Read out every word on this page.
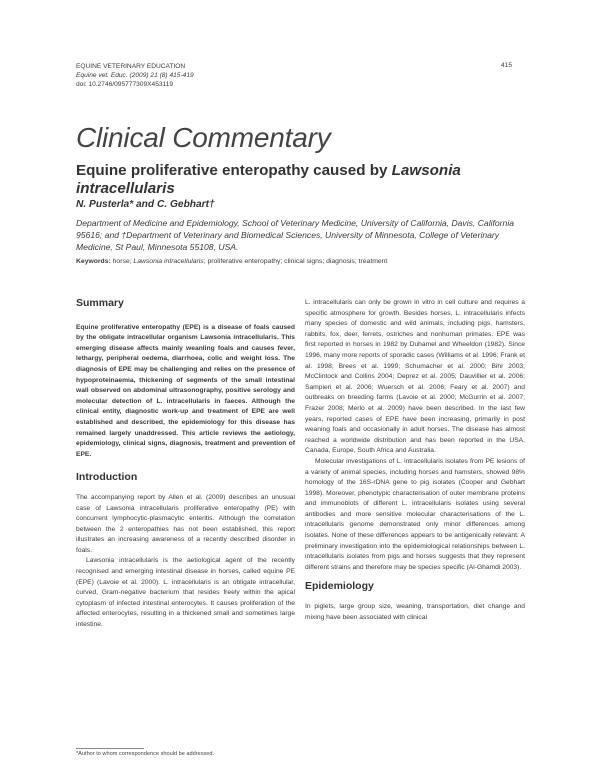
EQUINE VETERINARY EDUCATION
Equine vet. Educ. (2009) 21 (8) 415-419
doi: 10.2746/095777309X453119
415
Clinical Commentary
Equine proliferative enteropathy caused by Lawsonia intracellularis
N. Pusterla* and C. Gebhart†
Department of Medicine and Epidemiology, School of Veterinary Medicine, University of California, Davis, California 95616; and †Department of Veterinary and Biomedical Sciences, University of Minnesota, College of Veterinary Medicine, St Paul, Minnesota 55108, USA.
Keywords: horse; Lawsonia intracellularis; proliferative enteropathy; clinical signs; diagnosis; treatment
Summary

Equine proliferative enteropathy (EPE) is a disease of foals caused by the obligate intracellular organism Lawsonia intracellularis. This emerging disease affects mainly weanling foals and causes fever, lethargy, peripheral oedema, diarrhoea, colic and weight loss. The diagnosis of EPE may be challenging and relies on the presence of hypoproteinaemia, thickening of segments of the small intestinal wall observed on abdominal ultrasonography, positive serology and molecular detection of L. intracellularis in faeces. Although the clinical entity, diagnostic work-up and treatment of EPE are well established and described, the epidemiology for this disease has remained largely unaddressed. This article reviews the aetiology, epidemiology, clinical signs, diagnosis, treatment and prevention of EPE.

Introduction

The accompanying report by Allen et al. (2009) describes an unusual case of Lawsonia intracellularis proliferative enteropathy (PE) with concurrent lymphocytic-plasmacytic enteritis. Although the correlation between the 2 enteropathies has not been established, this report illustrates an increasing awareness of a recently described disorder in foals.

Lawsonia intracellularis is the aetiological agent of the recently recognised and emerging intestinal disease in horses, called equine PE (EPE) (Lavoie et al. 2000). L. intracellularis is an obligate intracellular, curved, Gram-negative bacterium that resides freely within the apical cytoplasm of infected intestinal enterocytes. It causes proliferation of the affected enterocytes, resulting in a thickened small and sometimes large intestine.

L. intracellularis can only be grown in vitro in cell culture and requires a specific atmosphere for growth. Besides horses, L. intracellularis infects many species of domestic and wild animals, including pigs, hamsters, rabbits, fox, deer, ferrets, ostriches and nonhuman primates. EPE was first reported in horses in 1982 by Duhamel and Wheeldon (1982). Since 1996, many more reports of sporadic cases (Williams et al. 1996; Frank et al. 1998; Brees et al. 1999; Schumacher et al. 2000; Bihr 2003; McClintock and Collins 2004; Deprez et al. 2005; Dauvillier et al. 2006; Sampieri et al. 2006; Wuersch et al. 2006; Feary et al. 2007) and outbreaks on breeding farms (Lavoie et al. 2000; McGurrin et al. 2007; Frazer 2008; Merlo et al. 2009) have been described. In the last few years, reported cases of EPE have been increasing, primarily in post weaning foals and occasionally in adult horses. The disease has almost reached a worldwide distribution and has been reported in the USA, Canada, Europe, South Africa and Australia.

Molecular investigations of L. intracellularis isolates from PE lesions of a variety of animal species, including horses and hamsters, showed 98% homology of the 16S-rDNA gene to pig isolates (Cooper and Gebhart 1998). Moreover, phenotypic characterisation of outer membrane proteins and immunoblots of different L. intracellularis isolates using several antibodies and more sensitive molecular characterisations of the L. intracellularis genome demonstrated only minor differences among isolates. None of these differences appears to be antigenically relevant. A preliminary investigation into the epidemiological relationships between L. intracellularis isolates from pigs and horses suggests that they represent different strains and therefore may be species specific (Al-Ghamdi 2003).

Epidemiology

In piglets, large group size, weaning, transportation, diet change and mixing have been associated with clinical

*Author to whom correspondence should be addressed.
